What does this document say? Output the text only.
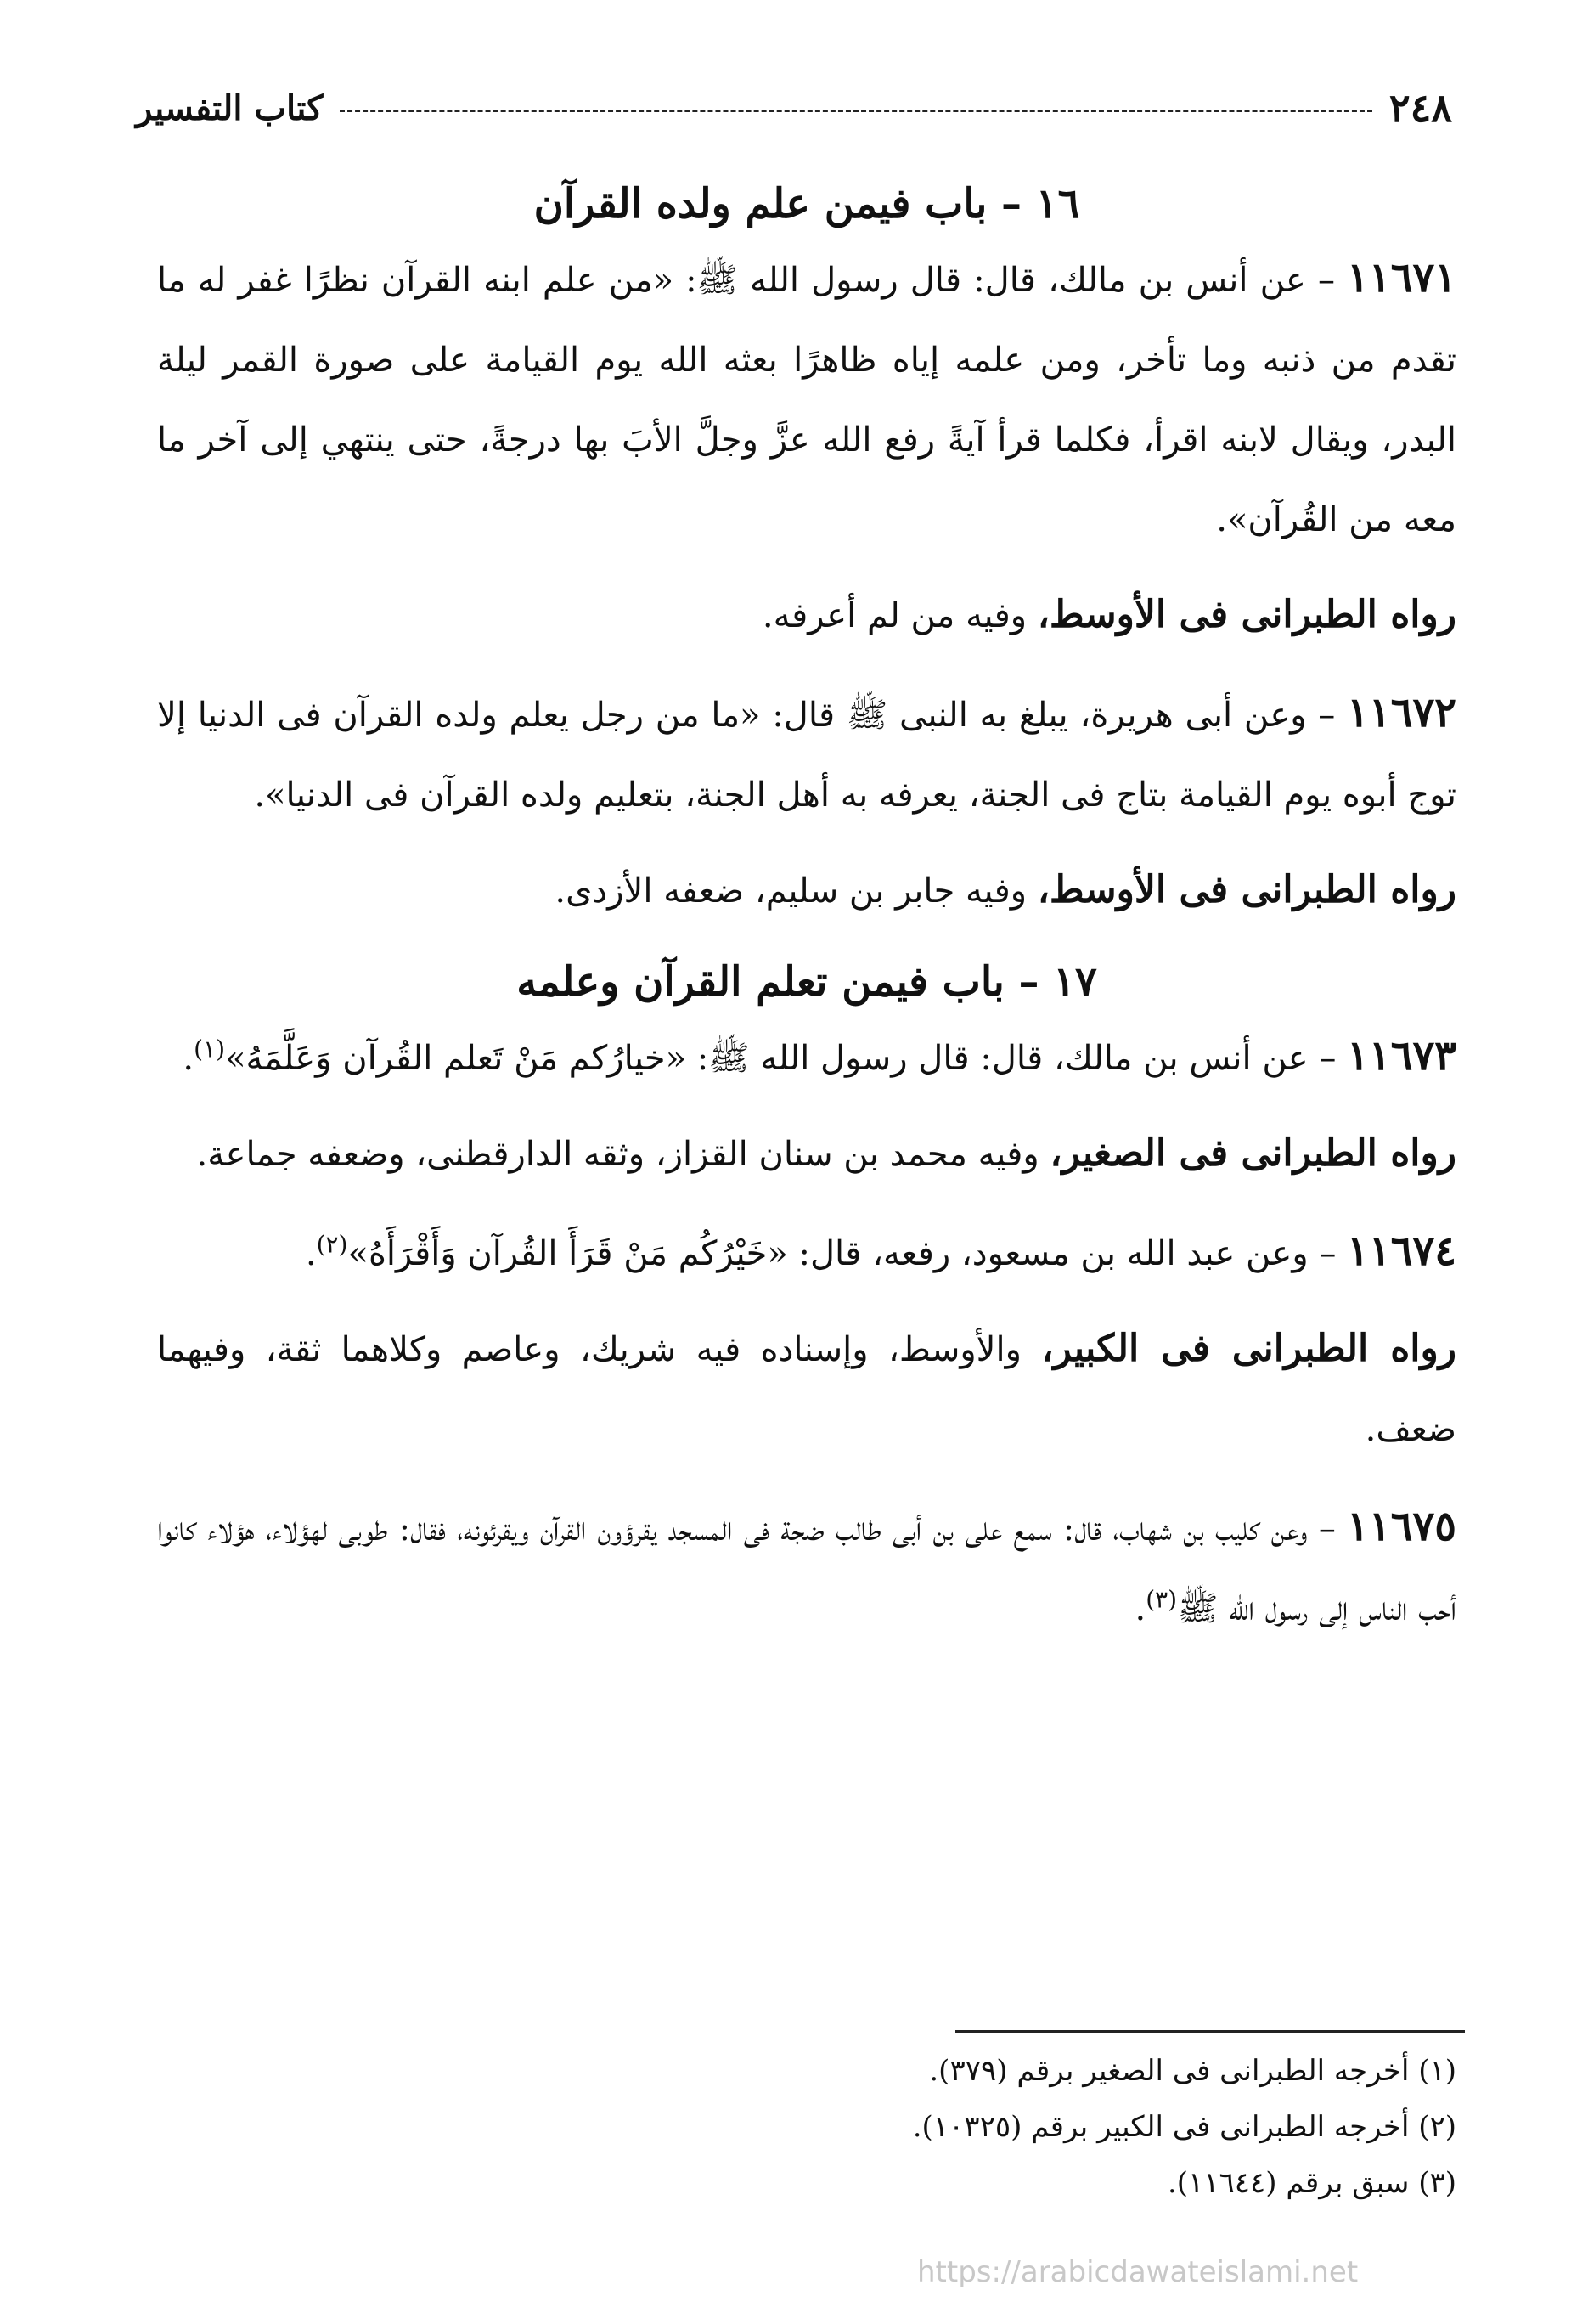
٢٤٨
كتاب التفسير
١٦ – باب فيمن علم ولده القرآن

١١٦٧١ – عن أنس بن مالك، قال: قال رسول الله ﷺ: «من علم ابنه القرآن نظرًا غفر له ما تقدم من ذنبه وما تأخر، ومن علمه إياه ظاهرًا بعثه الله يوم القيامة على صورة القمر ليلة البدر، ويقال لابنه اقرأ، فكلما قرأ آيةً رفع الله عزَّ وجلَّ الأبَ بها درجةً، حتى ينتهي إلى آخر ما معه من القُرآن».

رواه الطبرانى فى الأوسط، وفيه من لم أعرفه.

١١٦٧٢ – وعن أبى هريرة، يبلغ به النبى ﷺ قال: «ما من رجل يعلم ولده القرآن فى الدنيا إلا توج أبوه يوم القيامة بتاج فى الجنة، يعرفه به أهل الجنة، بتعليم ولده القرآن فى الدنيا».

رواه الطبرانى فى الأوسط، وفيه جابر بن سليم، ضعفه الأزدى.

١٧ – باب فيمن تعلم القرآن وعلمه

١١٦٧٣ – عن أنس بن مالك، قال: قال رسول الله ﷺ: «خيارُكم مَنْ تَعلم القُرآن وَعَلَّمَهُ»$^{(١)}$.

رواه الطبرانى فى الصغير، وفيه محمد بن سنان القزاز، وثقه الدارقطنى، وضعفه جماعة.

١١٦٧٤ – وعن عبد الله بن مسعود، رفعه، قال: «خَيْرُكُم مَنْ قَرَأَ القُرآن وَأَقْرَأَهُ»$^{(٢)}$.

رواه الطبرانى فى الكبير، والأوسط، وإسناده فيه شريك، وعاصم وكلاهما ثقة، وفيهما ضعف.

١١٦٧٥ – وعن كليب بن شهاب، قال: سمع على بن أبى طالب ضجة فى المسجد يقرؤون القرآن ويقرئونه، فقال: طوبى لهؤلاء، هؤلاء كانوا أحب الناس إلى رسول الله ﷺ$^{(٣)}$.

(١) أخرجه الطبرانى فى الصغير برقم (٣٧٩).

(٢) أخرجه الطبرانى فى الكبير برقم (١٠٣٢٥).

(٣) سبق برقم (١١٦٤٤).

https://arabicdawateislami.net
